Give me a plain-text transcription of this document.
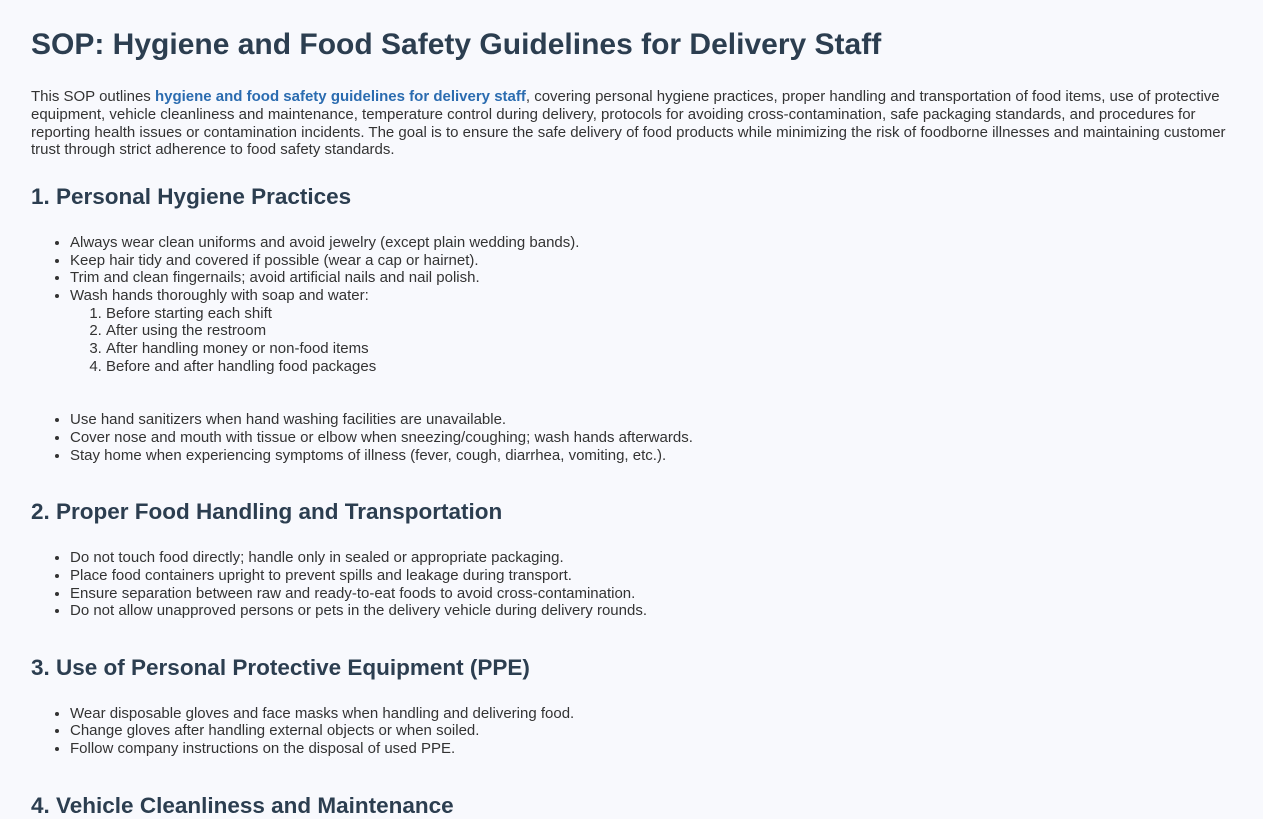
SOP: Hygiene and Food Safety Guidelines for Delivery Staff

This SOP outlines hygiene and food safety guidelines for delivery staff, covering personal hygiene practices, proper handling and transportation of food items, use of protective equipment, vehicle cleanliness and maintenance, temperature control during delivery, protocols for avoiding cross-contamination, safe packaging standards, and procedures for reporting health issues or contamination incidents. The goal is to ensure the safe delivery of food products while minimizing the risk of foodborne illnesses and maintaining customer trust through strict adherence to food safety standards.

1. Personal Hygiene Practices
• Always wear clean uniforms and avoid jewelry (except plain wedding bands).
• Keep hair tidy and covered if possible (wear a cap or hairnet).
• Trim and clean fingernails; avoid artificial nails and nail polish.
• Wash hands thoroughly with soap and water:
1. Before starting each shift
2. After using the restroom
3. After handling money or non-food items
4. Before and after handling food packages
• Use hand sanitizers when hand washing facilities are unavailable.
• Cover nose and mouth with tissue or elbow when sneezing/coughing; wash hands afterwards.
• Stay home when experiencing symptoms of illness (fever, cough, diarrhea, vomiting, etc.).
2. Proper Food Handling and Transportation
• Do not touch food directly; handle only in sealed or appropriate packaging.
• Place food containers upright to prevent spills and leakage during transport.
• Ensure separation between raw and ready-to-eat foods to avoid cross-contamination.
• Do not allow unapproved persons or pets in the delivery vehicle during delivery rounds.
3. Use of Personal Protective Equipment (PPE)
• Wear disposable gloves and face masks when handling and delivering food.
• Change gloves after handling external objects or when soiled.
• Follow company instructions on the disposal of used PPE.
4. Vehicle Cleanliness and Maintenance
